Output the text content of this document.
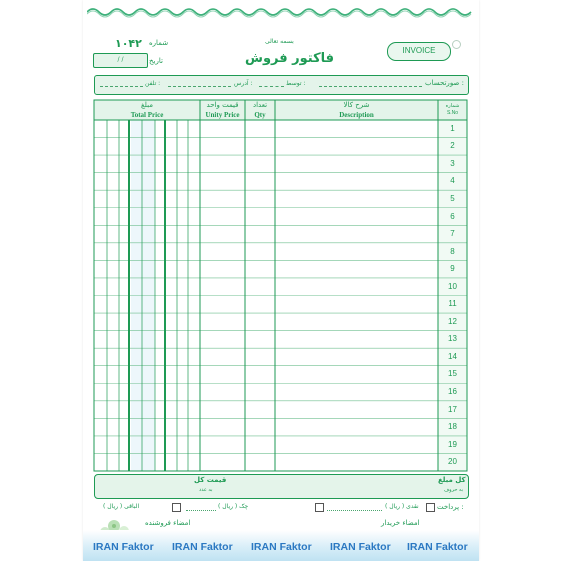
بسمه تعالی
فاکتور فروش
INVOICE
شماره
۱۰۴۲
تاریخ
/ /
صورتحساب :
توسط :
آدرس :
تلفن :
شماره
S.No
شرح کالا
Description
تعداد
Qty
قیمت واحد
Unity Price
مبلغ
Total Price
1
2
3
4
5
6
7
8
9
10
11
12
13
14
15
16
17
18
19
20
کل مبلغ
به حروف
قیمت کل
به عدد
پرداخت :
( ریال ) نقدی
( ریال ) چک
( ریال ) الباقی
امضاء خریدار
امضاء فروشنده
IRAN Faktor IRAN Faktor IRAN Faktor IRAN Faktor IRAN Faktor
